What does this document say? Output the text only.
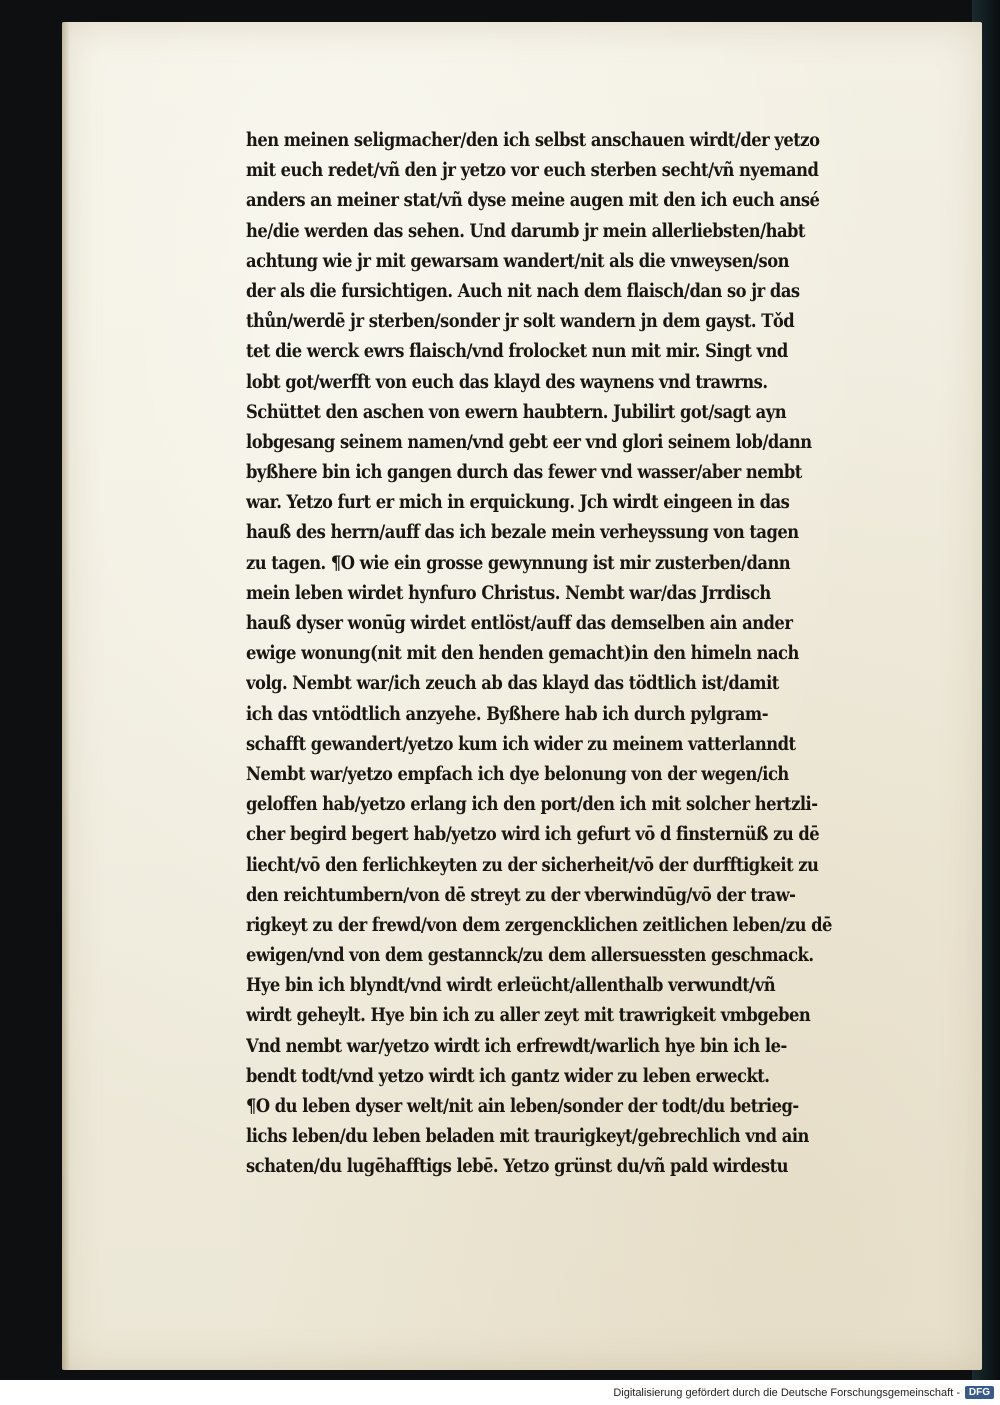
hen meinen seligmacher/den ich selbst anschauen wirdt/der yetzo
mit euch redet/vñ den jr yetzo vor euch sterben secht/vñ nyemand
anders an meiner stat/vñ dyse meine augen mit den ich euch ansé
he/die werden das sehen. Und darumb jr mein allerliebsten/habt
achtung wie jr mit gewarsam wandert/nit als die vnweysen/son
der als die fursichtigen. Auch nit nach dem flaisch/dan so jr das
thůn/werdē jr sterben/sonder jr solt wandern jn dem gayst. Tǒd
tet die werck ewrs flaisch/vnd frolocket nun mit mir. Singt vnd
lobt got/werfft von euch das klayd des waynens vnd trawrns.
Schüttet den aschen von ewern haubtern. Jubilirt got/sagt ayn
lobgesang seinem namen/vnd gebt eer vnd glori seinem lob/dann
byßhere bin ich gangen durch das fewer vnd wasser/aber nembt
war. Yetzo furt er mich in erquickung. Jch wirdt eingeen in das
hauß des herrn/auff das ich bezale mein verheyssung von tagen
zu tagen. ¶O wie ein grosse gewynnung ist mir zusterben/dann
mein leben wirdet hynfuro Christus. Nembt war/das Jrrdisch
hauß dyser wonūg wirdet entlöst/auff das demselben ain ander
ewige wonung(nit mit den henden gemacht)in den himeln nach
volg. Nembt war/ich zeuch ab das klayd das tödtlich ist/damit
ich das vntödtlich anzyehe. Byßhere hab ich durch pylgram-
schafft gewandert/yetzo kum ich wider zu meinem vatterlanndt
Nembt war/yetzo empfach ich dye belonung von der wegen/ich
geloffen hab/yetzo erlang ich den port/den ich mit solcher hertzli-
cher begird begert hab/yetzo wird ich gefurt vō d finsternüß zu dē
liecht/vō den ferlichkeyten zu der sicherheit/vō der durfftigkeit zu
den reichtumbern/von dē streyt zu der vberwindūg/vō der traw-
rigkeyt zu der frewd/von dem zergencklichen zeitlichen leben/zu dē
ewigen/vnd von dem gestannck/zu dem allersuessten geschmack.
Hye bin ich blyndt/vnd wirdt erleücht/allenthalb verwundt/vñ
wirdt geheylt. Hye bin ich zu aller zeyt mit trawrigkeit vmbgeben
Vnd nembt war/yetzo wirdt ich erfrewdt/warlich hye bin ich le-
bendt todt/vnd yetzo wirdt ich gantz wider zu leben erweckt.
¶O du leben dyser welt/nit ain leben/sonder der todt/du betrieg-
lichs leben/du leben beladen mit traurigkeyt/gebrechlich vnd ain
schaten/du lugēhafftigs lebē. Yetzo grünst du/vñ pald wirdestu
Digitalisierung gefördert durch die Deutsche Forschungsgemeinschaft - DFG
